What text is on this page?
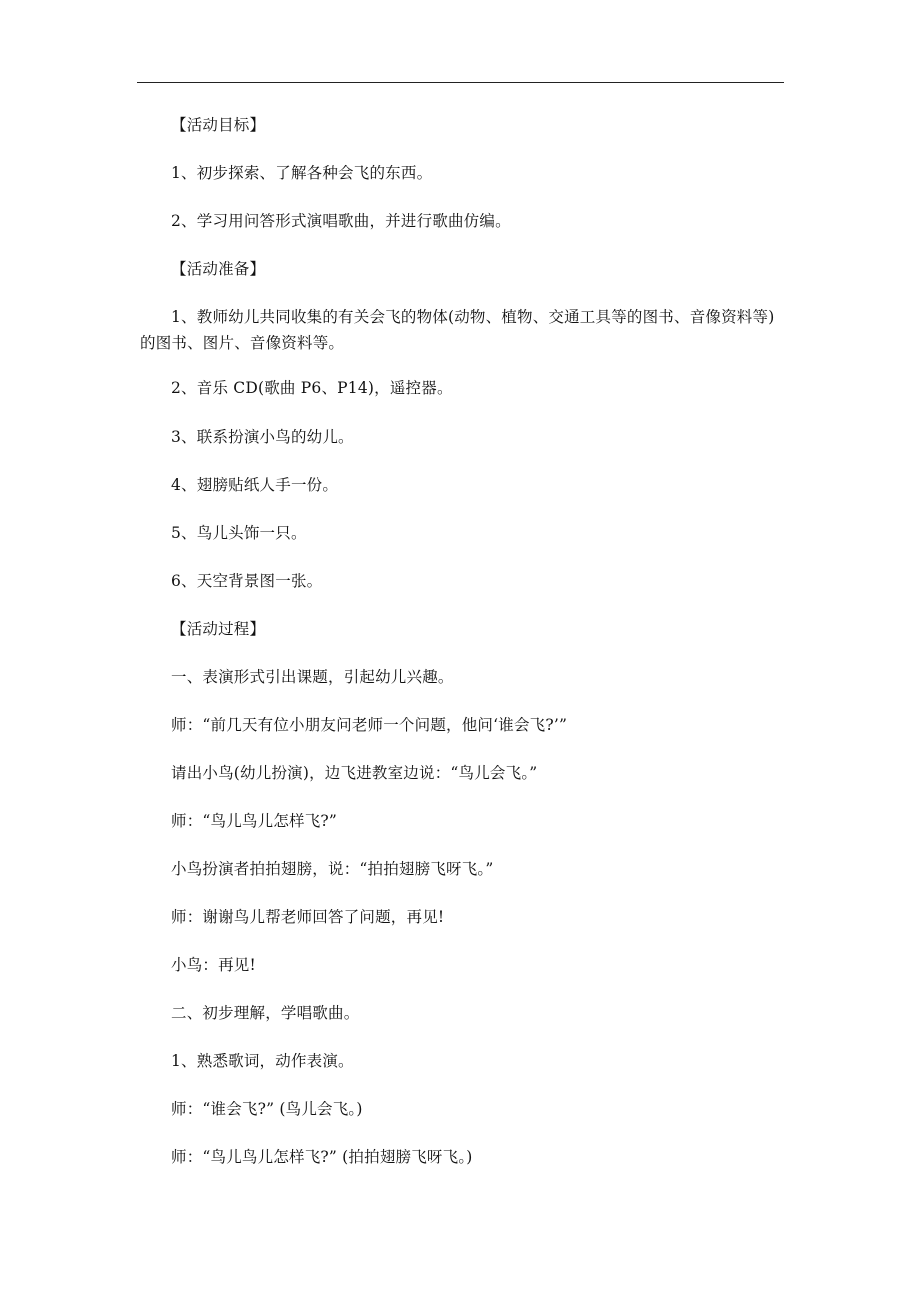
【活动目标】
1、初步探索、了解各种会飞的东西。
2、学习用问答形式演唱歌曲，并进行歌曲仿编。
【活动准备】
1、教师幼儿共同收集的有关会飞的物体(动物、植物、交通工具等的图书、音像资料等)的图书、图片、音像资料等。
2、音乐 CD(歌曲 P6、P14)，遥控器。
3、联系扮演小鸟的幼儿。
4、翅膀贴纸人手一份。
5、鸟儿头饰一只。
6、天空背景图一张。
【活动过程】
一、表演形式引出课题，引起幼儿兴趣。
师：“前几天有位小朋友问老师一个问题，他问‘谁会飞?’”
请出小鸟(幼儿扮演)，边飞进教室边说：“鸟儿会飞。”
师：“鸟儿鸟儿怎样飞?”
小鸟扮演者拍拍翅膀，说：“拍拍翅膀飞呀飞。”
师：谢谢鸟儿帮老师回答了问题，再见!
小鸟：再见!
二、初步理解，学唱歌曲。
1、熟悉歌词，动作表演。
师：“谁会飞?” (鸟儿会飞。)
师：“鸟儿鸟儿怎样飞?” (拍拍翅膀飞呀飞。)
